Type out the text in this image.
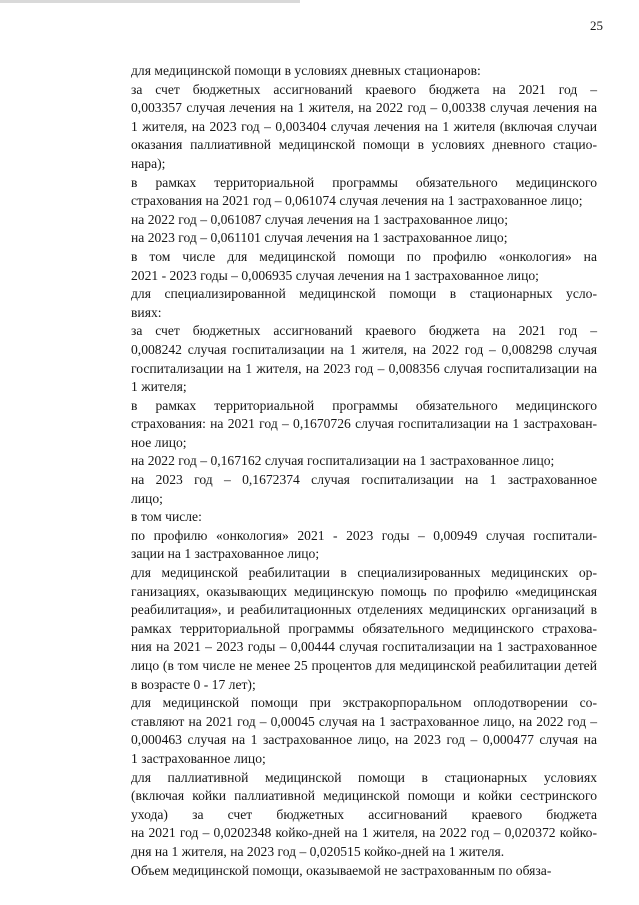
25

для медицинской помощи в условиях дневных стационаров:

за счет бюджетных ассигнований краевого бюджета на 2021 год –
0,003357 случая лечения на 1 жителя, на 2022 год – 0,00338 случая лечения на
1 жителя, на 2023 год – 0,003404 случая лечения на 1 жителя (включая случаи
оказания паллиативной медицинской помощи в условиях дневного стацио-
нара);

в рамках территориальной программы обязательного медицинского
страхования на 2021 год – 0,061074 случая лечения на 1 застрахованное лицо;

на 2022 год – 0,061087 случая лечения на 1 застрахованное лицо;

на 2023 год – 0,061101 случая лечения на 1 застрахованное лицо;

в том числе для медицинской помощи по профилю «онкология» на
2021 - 2023 годы – 0,006935 случая лечения на 1 застрахованное лицо;

для специализированной медицинской помощи в стационарных усло-
виях:

за счет бюджетных ассигнований краевого бюджета на 2021 год –
0,008242 случая госпитализации на 1 жителя, на 2022 год – 0,008298 случая
госпитализации на 1 жителя, на 2023 год – 0,008356 случая госпитализации на
1 жителя;

в рамках территориальной программы обязательного медицинского
страхования: на 2021 год – 0,1670726 случая госпитализации на 1 застрахован-
ное лицо;

на 2022 год – 0,167162 случая госпитализации на 1 застрахованное лицо;

на 2023 год – 0,1672374 случая госпитализации на 1 застрахованное
лицо;

в том числе:

по профилю «онкология» 2021 - 2023 годы – 0,00949 случая госпитали-
зации на 1 застрахованное лицо;

для медицинской реабилитации в специализированных медицинских ор-
ганизациях, оказывающих медицинскую помощь по профилю «медицинская
реабилитация», и реабилитационных отделениях медицинских организаций в
рамках территориальной программы обязательного медицинского страхова-
ния на 2021 – 2023 годы – 0,00444 случая госпитализации на 1 застрахованное
лицо (в том числе не менее 25 процентов для медицинской реабилитации детей
в возрасте 0 - 17 лет);

для медицинской помощи при экстракорпоральном оплодотворении со-
ставляют на 2021 год – 0,00045 случая на 1 застрахованное лицо, на 2022 год –
0,000463 случая на 1 застрахованное лицо, на 2023 год – 0,000477 случая на
1 застрахованное лицо;

для паллиативной медицинской помощи в стационарных условиях
(включая койки паллиативной медицинской помощи и койки сестринского
ухода) за счет бюджетных ассигнований краевого бюджета
на 2021 год – 0,0202348 койко-дней на 1 жителя, на 2022 год – 0,020372 койко-
дня на 1 жителя, на 2023 год – 0,020515 койко-дней на 1 жителя.

Объем медицинской помощи, оказываемой не застрахованным по обяза-
